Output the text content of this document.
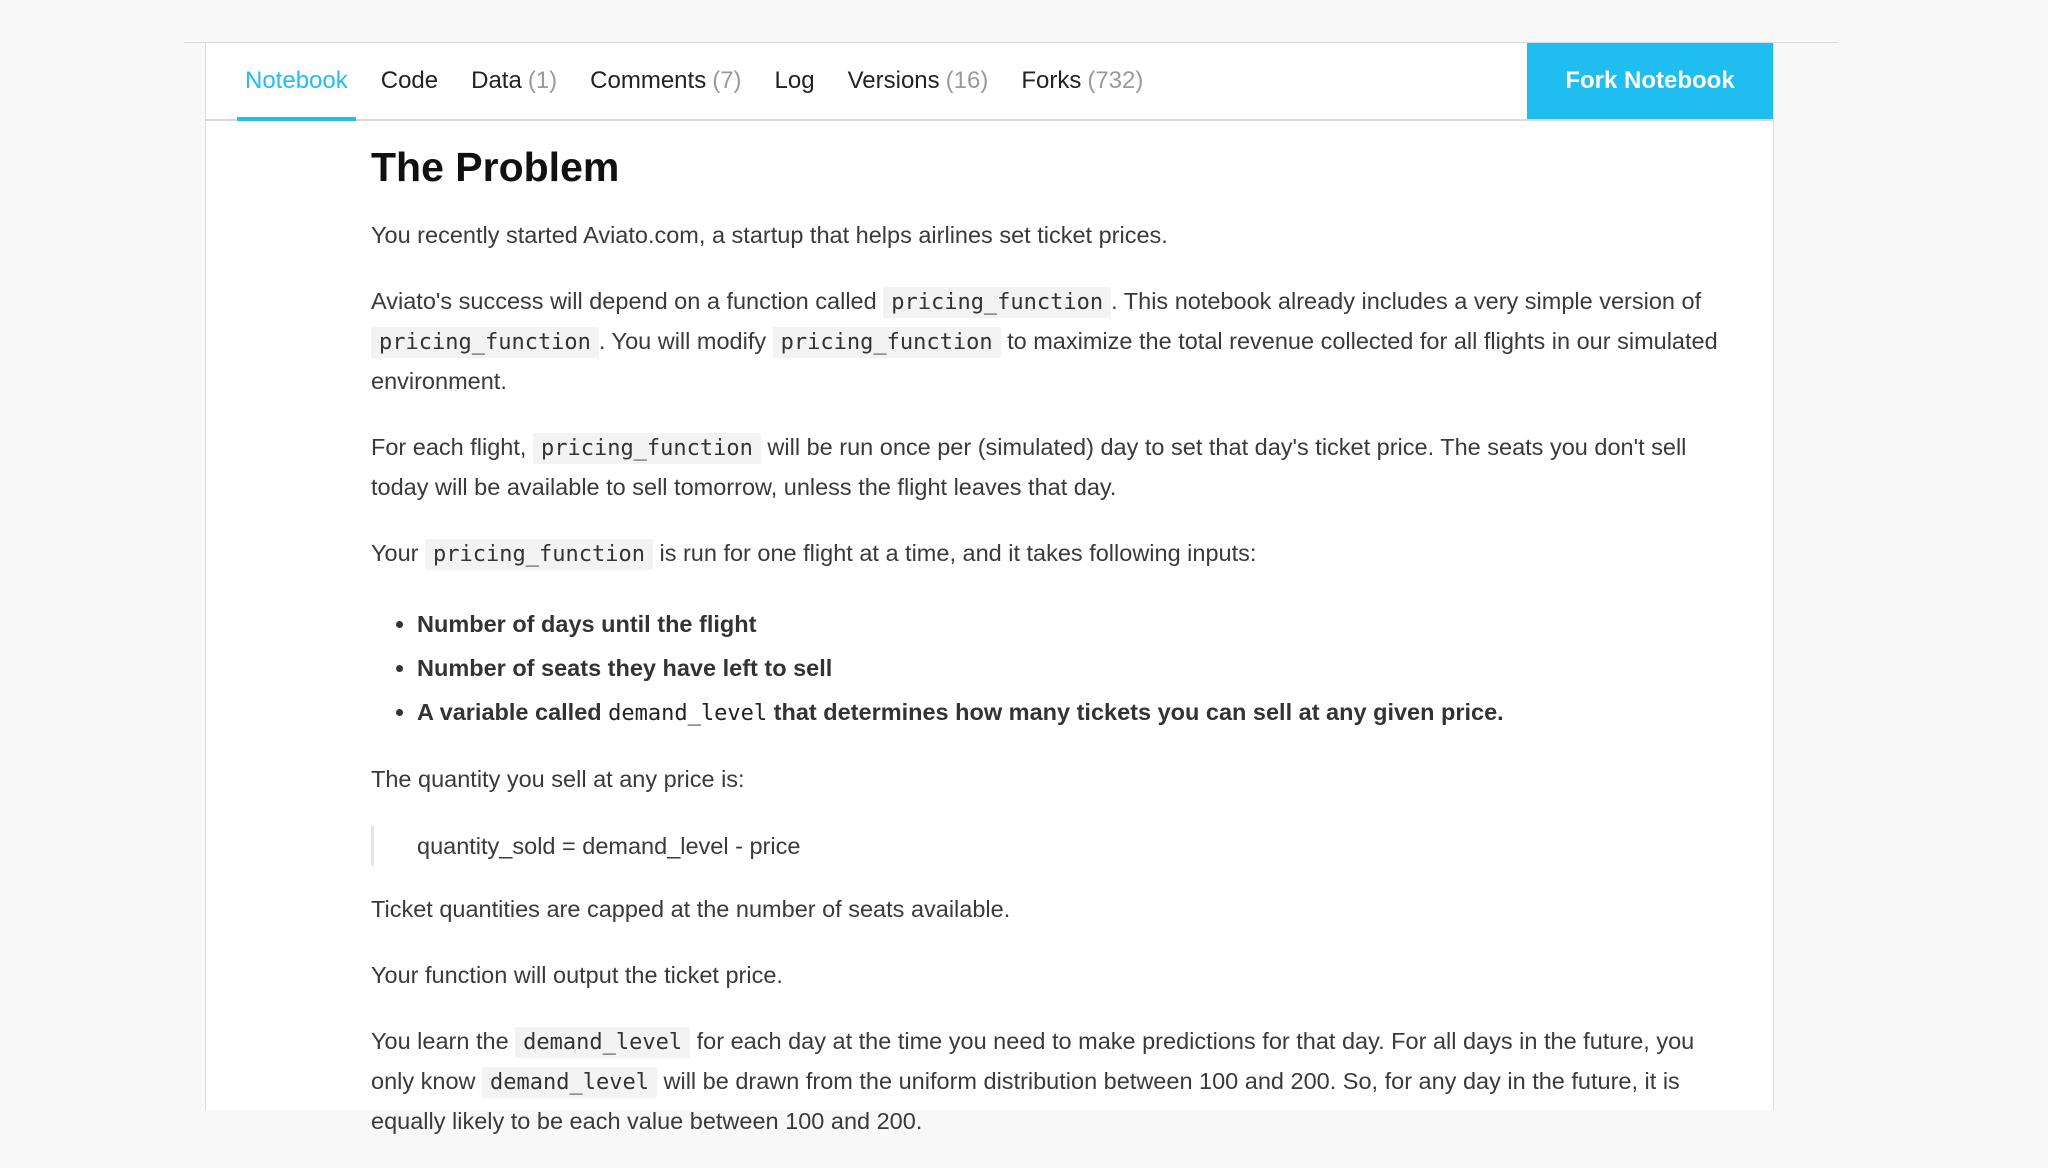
Notebook Code Data (1) Comments (7) Log Versions (16) Forks (732)	Fork Notebook
The Problem

You recently started Aviato.com, a startup that helps airlines set ticket prices.

Aviato's success will depend on a function called pricing_function . This notebook already includes a very simple version of pricing_function . You will modify pricing_function to maximize the total revenue collected for all flights in our simulated environment.

For each flight, pricing_function will be run once per (simulated) day to set that day's ticket price. The seats you don't sell today will be available to sell tomorrow, unless the flight leaves that day.

Your pricing_function is run for one flight at a time, and it takes following inputs:

• Number of days until the flight
• Number of seats they have left to sell
• A variable called demand_level that determines how many tickets you can sell at any given price.

The quantity you sell at any price is:

quantity_sold = demand_level - price

Ticket quantities are capped at the number of seats available.

Your function will output the ticket price.

You learn the demand_level for each day at the time you need to make predictions for that day. For all days in the future, you only know demand_level will be drawn from the uniform distribution between 100 and 200. So, for any day in the future, it is equally likely to be each value between 100 and 200.
